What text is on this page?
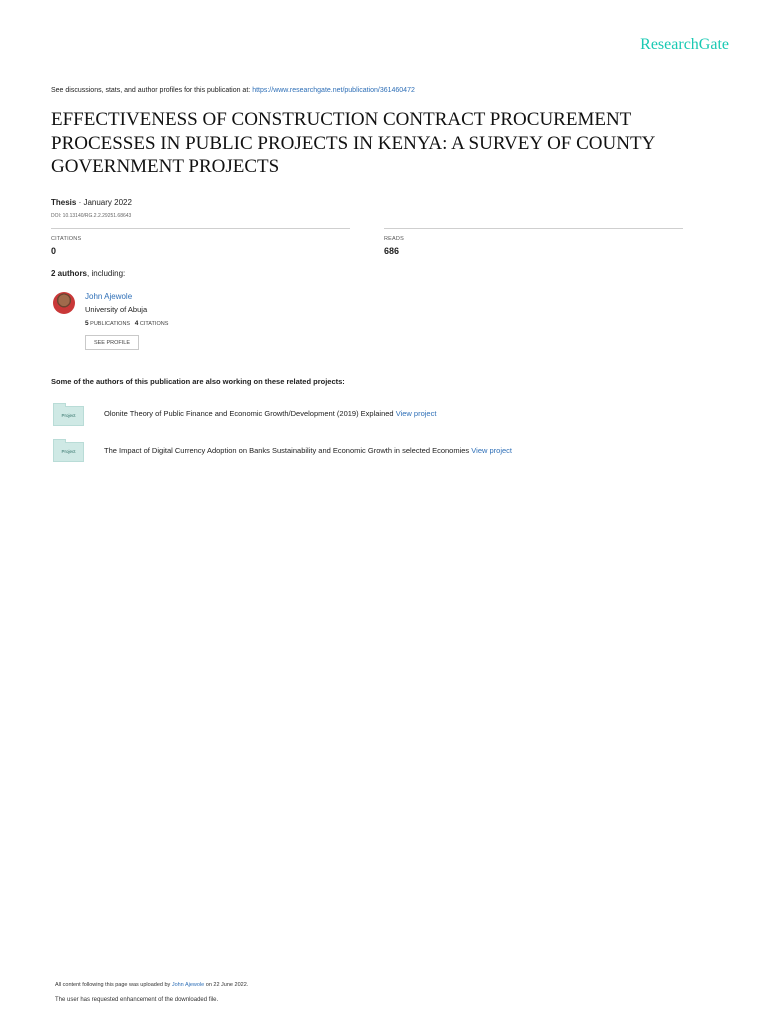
ResearchGate
See discussions, stats, and author profiles for this publication at: https://www.researchgate.net/publication/361460472
EFFECTIVENESS OF CONSTRUCTION CONTRACT PROCUREMENT PROCESSES IN PUBLIC PROJECTS IN KENYA: A SURVEY OF COUNTY GOVERNMENT PROJECTS
Thesis · January 2022
DOI: 10.13140/RG.2.2.29251.68643
CITATIONS
0
READS
686
2 authors, including:
John Ajewole
University of Abuja
5 PUBLICATIONS 4 CITATIONS
SEE PROFILE
Some of the authors of this publication are also working on these related projects:
Project	Olonite Theory of Public Finance and Economic Growth/Development (2019) Explained View project
Project	The Impact of Digital Currency Adoption on Banks Sustainability and Economic Growth in selected Economies View project
All content following this page was uploaded by John Ajewole on 22 June 2022.
The user has requested enhancement of the downloaded file.
